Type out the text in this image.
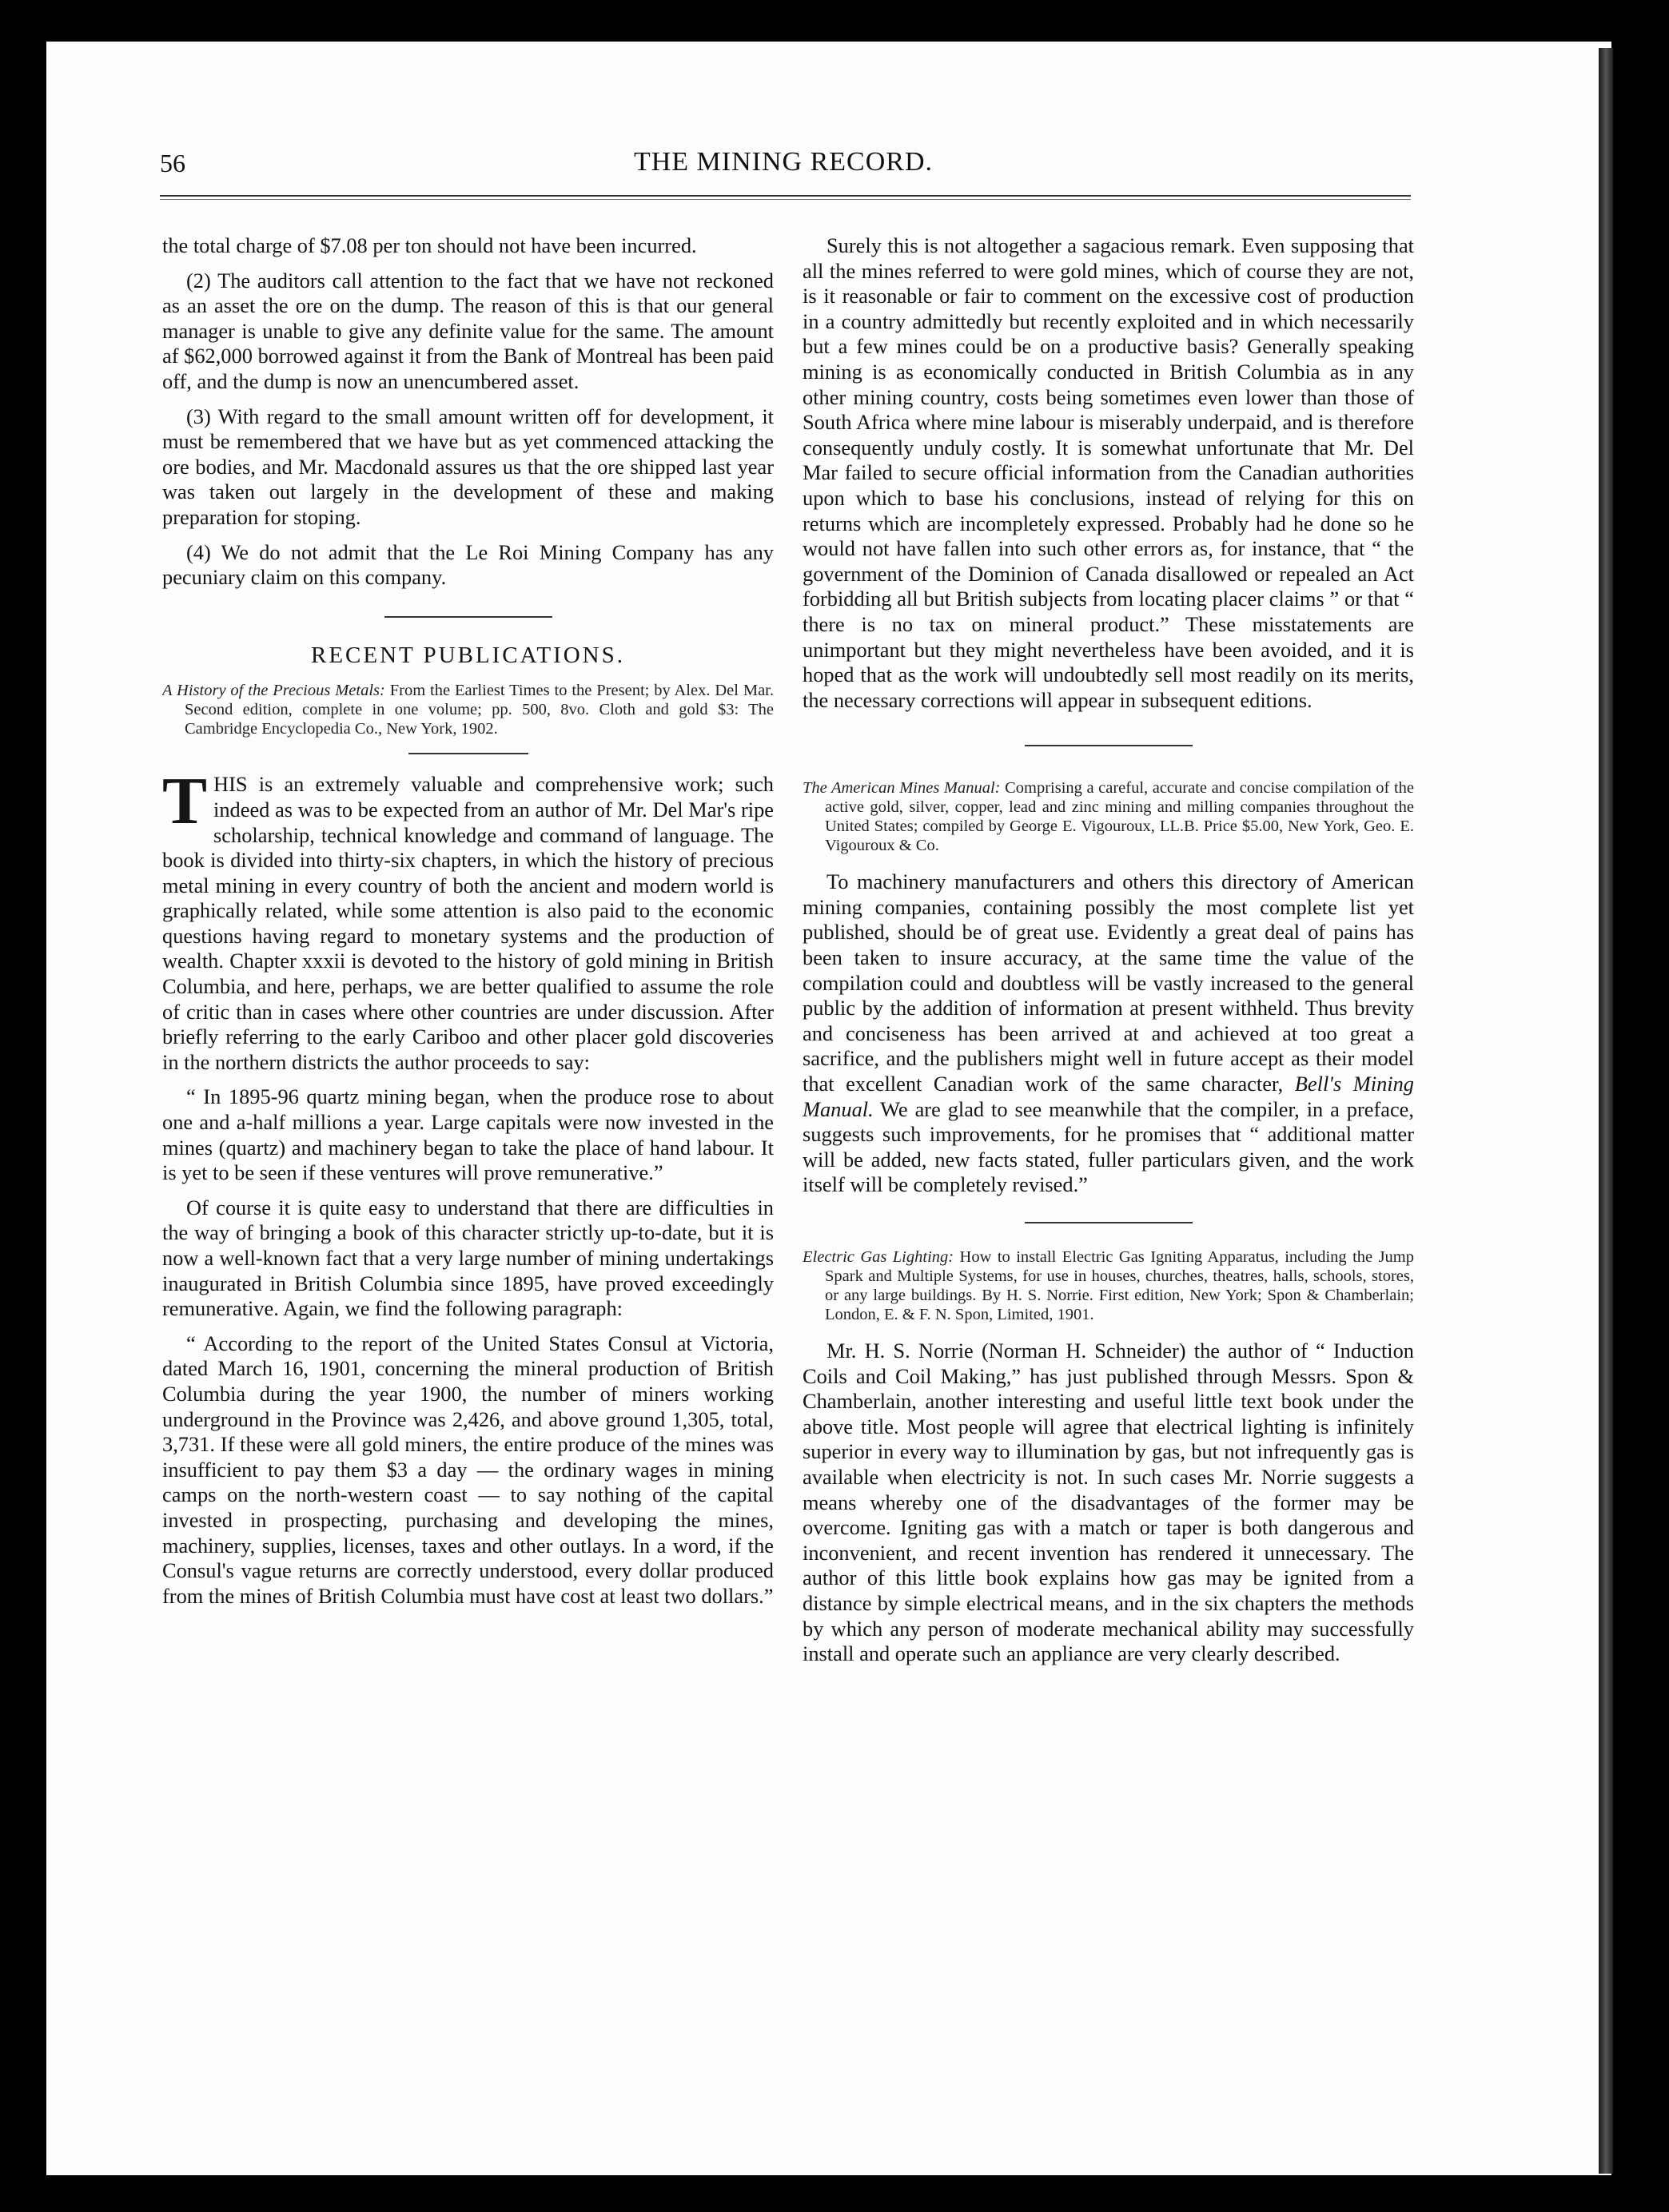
56	THE MINING RECORD.

the total charge of $7.08 per ton should not have been incurred.

(2) The auditors call attention to the fact that we have not reckoned as an asset the ore on the dump. The reason of this is that our general manager is unable to give any definite value for the same. The amount af $62,000 borrowed against it from the Bank of Montreal has been paid off, and the dump is now an unencumbered asset.

(3) With regard to the small amount written off for development, it must be remembered that we have but as yet commenced attacking the ore bodies, and Mr. Macdonald assures us that the ore shipped last year was taken out largely in the development of these and making preparation for stoping.

(4) We do not admit that the Le Roi Mining Company has any pecuniary claim on this company.

RECENT PUBLICATIONS.
A History of the Precious Metals: From the Earliest Times to the Present; by Alex. Del Mar. Second edition, complete in one volume; pp. 500, 8vo. Cloth and gold $3: The Cambridge Encyclopedia Co., New York, 1902.

THIS is an extremely valuable and comprehensive work; such indeed as was to be expected from an author of Mr. Del Mar's ripe scholarship, technical knowledge and command of language. The book is divided into thirty-six chapters, in which the history of precious metal mining in every country of both the ancient and modern world is graphically related, while some attention is also paid to the economic questions having regard to monetary systems and the production of wealth. Chapter xxxii is devoted to the history of gold mining in British Columbia, and here, perhaps, we are better qualified to assume the role of critic than in cases where other countries are under discussion. After briefly referring to the early Cariboo and other placer gold discoveries in the northern districts the author proceeds to say:

“ In 1895-96 quartz mining began, when the produce rose to about one and a-half millions a year. Large capitals were now invested in the mines (quartz) and machinery began to take the place of hand labour. It is yet to be seen if these ventures will prove remunerative.”

Of course it is quite easy to understand that there are difficulties in the way of bringing a book of this character strictly up-to-date, but it is now a well-known fact that a very large number of mining undertakings inaugurated in British Columbia since 1895, have proved exceedingly remunerative. Again, we find the following paragraph:

“ According to the report of the United States Consul at Victoria, dated March 16, 1901, concerning the mineral production of British Columbia during the year 1900, the number of miners working underground in the Province was 2,426, and above ground 1,305, total, 3,731. If these were all gold miners, the entire produce of the mines was insufficient to pay them $3 a day — the ordinary wages in mining camps on the north-western coast — to say nothing of the capital invested in prospecting, purchasing and developing the mines, machinery, supplies, licenses, taxes and other outlays. In a word, if the Consul's vague returns are correctly understood, every dollar produced from the mines of British Columbia must have cost at least two dollars.”

Surely this is not altogether a sagacious remark. Even supposing that all the mines referred to were gold mines, which of course they are not, is it reasonable or fair to comment on the excessive cost of production in a country admittedly but recently exploited and in which necessarily but a few mines could be on a productive basis? Generally speaking mining is as economically conducted in British Columbia as in any other mining country, costs being sometimes even lower than those of South Africa where mine labour is miserably underpaid, and is therefore consequently unduly costly. It is somewhat unfortunate that Mr. Del Mar failed to secure official information from the Canadian authorities upon which to base his conclusions, instead of relying for this on returns which are incompletely expressed. Probably had he done so he would not have fallen into such other errors as, for instance, that “ the government of the Dominion of Canada disallowed or repealed an Act forbidding all but British subjects from locating placer claims ” or that “ there is no tax on mineral product.” These misstatements are unimportant but they might nevertheless have been avoided, and it is hoped that as the work will undoubtedly sell most readily on its merits, the necessary corrections will appear in subsequent editions.

The American Mines Manual: Comprising a careful, accurate and concise compilation of the active gold, silver, copper, lead and zinc mining and milling companies throughout the United States; compiled by George E. Vigouroux, LL.B. Price $5.00, New York, Geo. E. Vigouroux & Co.

To machinery manufacturers and others this directory of American mining companies, containing possibly the most complete list yet published, should be of great use. Evidently a great deal of pains has been taken to insure accuracy, at the same time the value of the compilation could and doubtless will be vastly increased to the general public by the addition of information at present withheld. Thus brevity and conciseness has been arrived at and achieved at too great a sacrifice, and the publishers might well in future accept as their model that excellent Canadian work of the same character, Bell's Mining Manual. We are glad to see meanwhile that the compiler, in a preface, suggests such improvements, for he promises that “ additional matter will be added, new facts stated, fuller particulars given, and the work itself will be completely revised.”

Electric Gas Lighting: How to install Electric Gas Igniting Apparatus, including the Jump Spark and Multiple Systems, for use in houses, churches, theatres, halls, schools, stores, or any large buildings. By H. S. Norrie. First edition, New York; Spon & Chamberlain; London, E. & F. N. Spon, Limited, 1901.

Mr. H. S. Norrie (Norman H. Schneider) the author of “ Induction Coils and Coil Making,” has just published through Messrs. Spon & Chamberlain, another interesting and useful little text book under the above title. Most people will agree that electrical lighting is infinitely superior in every way to illumination by gas, but not infrequently gas is available when electricity is not. In such cases Mr. Norrie suggests a means whereby one of the disadvantages of the former may be overcome. Igniting gas with a match or taper is both dangerous and inconvenient, and recent invention has rendered it unnecessary. The author of this little book explains how gas may be ignited from a distance by simple electrical means, and in the six chapters the methods by which any person of moderate mechanical ability may successfully install and operate such an appliance are very clearly described.
